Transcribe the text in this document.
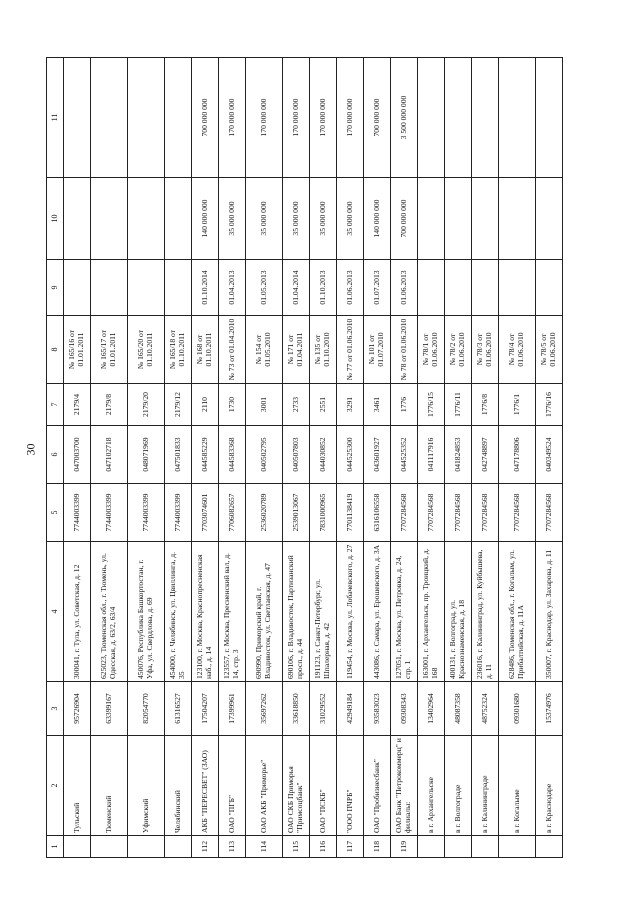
30
1	2	3	4	5	6	7	8	9	10	11
	Тульский	95726904	300041, г. Тула, ул. Советская, д. 12	7744003399	047003700	2179/4	№ 165/16 от 01.01.2011			
	Тюменский	63399167	625023, Тюменская обл., г. Тюмень, ул. Одесская, д. 63/2, 63/4	7744003399	047102718	2179/8	№ 165/17 от 01.01.2011			
	Уфимский	82054770	450076, Республика Башкортостан, г. Уфа, ул. Свердлова, д. 69	7744003399	048071969	2179/20	№ 165/20 от 01.10.2011			
	Челябинский	61316527	454000, г. Челябинск, ул. Цвиллинга, д. 35	7744003399	047501833	2179/12	№ 165/18 от 01.10.2011			
112	АКБ "ПЕРЕСВЕТ" (ЗАО)	17504207	123100, г. Москва, Краснопресненская наб., д. 14	7703074601	044585229	2110	№ 168 от 01.10.2011	01.10.2014	140 000 000	700 000 000
113	ОАО "ПГБ"	17399961	123557, г. Москва, Пресненский вал, д. 14, стр. 3	7706082657	044583368	1730	№ 73 от 01.04.2010	01.04.2013	35 000 000	170 000 000
114	ОАО АКБ "Приморье"	35697262	690990, Приморский край, г. Владивосток, ул. Светланская, д. 47	2536020789	040502795	3001	№ 154 от 01.05.2010	01.05.2013	35 000 000	170 000 000
115	ОАО СКБ Приморья "Примсоцбанк"	33618850	690106, г. Владивосток, Партизанский просп., д. 44	2539013067	040507803	2733	№ 171 от 01.04.2011	01.04.2014	35 000 000	170 000 000
116	ОАО "ПСКБ"	31029552	191123, г. Санкт-Петербург, ул. Шпалерная, д. 42	7831000965	044030852	2551	№ 135 от 01.10.2010	01.10.2013	35 000 000	170 000 000
117	"ООО ПЧРБ"	42949184	119454, г. Москва, ул. Лобачевского, д. 27	7701138419	044525300	3291	№ 77 от 01.06.2010	01.06.2013	35 000 000	170 000 000
118	ОАО "Пробизнесбанк"	93583023	443086, г. Самара, ул. Ерошевского, д. 3А	6316106558	043601927	3461	№ 101 от 01.07.2010	01.07.2013	140 000 000	700 000 000
119	ОАО Банк "Петрокоммерц" и филиалы:	09308343	127051, г. Москва, ул. Петровка, д. 24, стр. 1	7707284568	044525352	1776	№ 78 от 01.06.2010	01.06.2013	700 000 000	3 500 000 000
	в г. Архангельске	13402964	163001, г. Архангельск, пр. Троицкий, д. 168	7707284568	041117916	1776/15	№ 78/1 от 01.06.2010			
	в г. Волгограде	48087358	400131, г. Волгоград, ул. Краснознаменская, д. 18	7707284568	041824853	1776/11	№ 78/2 от 01.06.2010			
	в г. Калининграде	48752324	236016, г. Калининград, ул. Куйбышева, д. 11	7707284568	042748897	1776/8	№ 78/3 от 01.06.2010			
	в г. Когалыме	09301680	628486, Тюменская обл., г. Когалым, ул. Прибалтийская, д. 11А	7707284568	047178806	1776/1	№ 78/4 от 01.06.2010			
	в г. Краснодаре	15374976	350007, г. Краснодар, ул. Захарова, д. 11	7707284568	040349524	1776/16	№ 78/5 от 01.06.2010			
